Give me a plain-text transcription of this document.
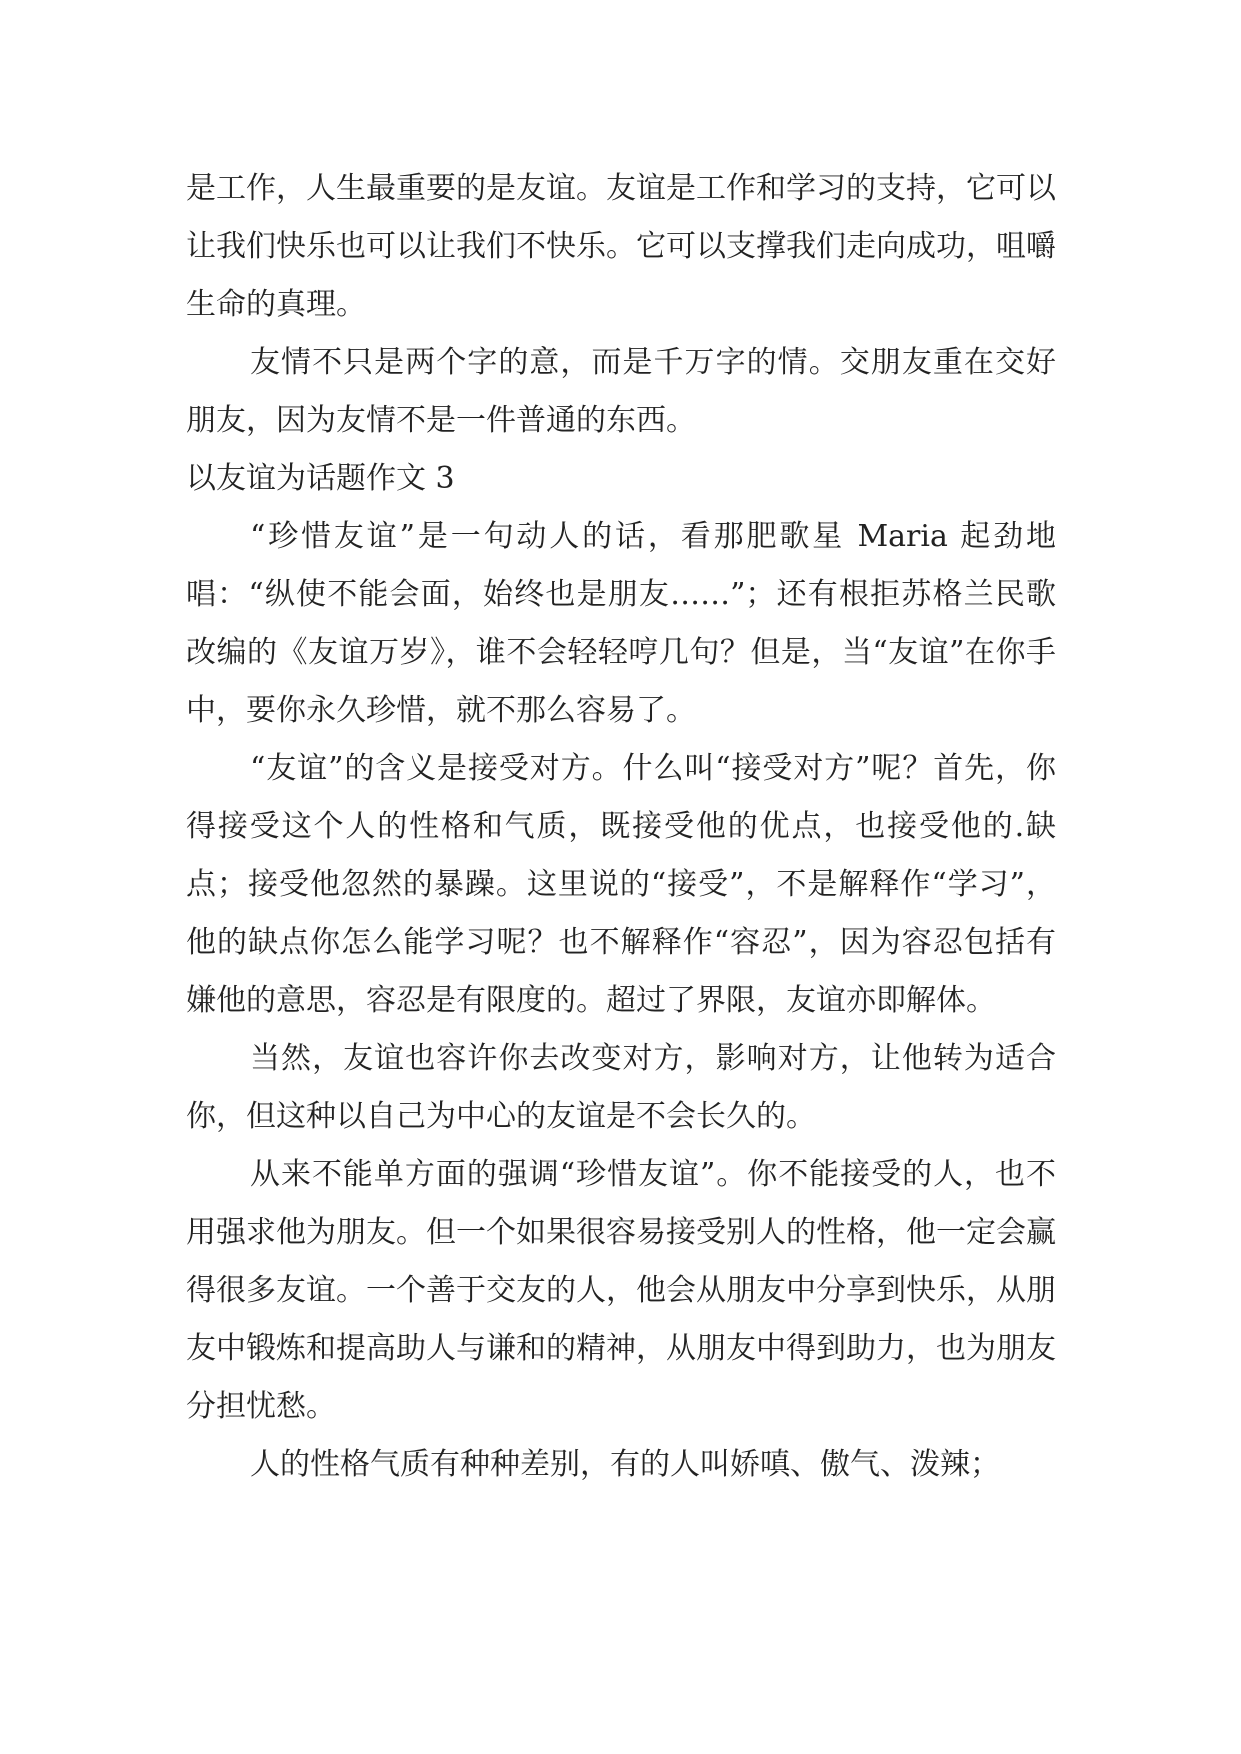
是工作，人生最重要的是友谊。友谊是工作和学习的支持，它可以让我们快乐也可以让我们不快乐。它可以支撑我们走向成功，咀嚼生命的真理。

友情不只是两个字的意，而是千万字的情。交朋友重在交好朋友，因为友情不是一件普通的东西。

以友谊为话题作文 3

“珍惜友谊”是一句动人的话，看那肥歌星 Maria 起劲地唱：“纵使不能会面，始终也是朋友……”；还有根拒苏格兰民歌改编的《友谊万岁》，谁不会轻轻哼几句？但是，当“友谊”在你手中，要你永久珍惜，就不那么容易了。

“友谊”的含义是接受对方。什么叫“接受对方”呢？首先，你得接受这个人的性格和气质，既接受他的优点，也接受他的.缺点；接受他忽然的暴躁。这里说的“接受”，不是解释作“学习”，他的缺点你怎么能学习呢？也不解释作“容忍”，因为容忍包括有嫌他的意思，容忍是有限度的。超过了界限，友谊亦即解体。

当然，友谊也容许你去改变对方，影响对方，让他转为适合你，但这种以自己为中心的友谊是不会长久的。

从来不能单方面的强调“珍惜友谊”。你不能接受的人，也不用强求他为朋友。但一个如果很容易接受别人的性格，他一定会赢得很多友谊。一个善于交友的人，他会从朋友中分享到快乐，从朋友中锻炼和提高助人与谦和的精神，从朋友中得到助力，也为朋友分担忧愁。

人的性格气质有种种差别，有的人叫娇嗔、傲气、泼辣；
